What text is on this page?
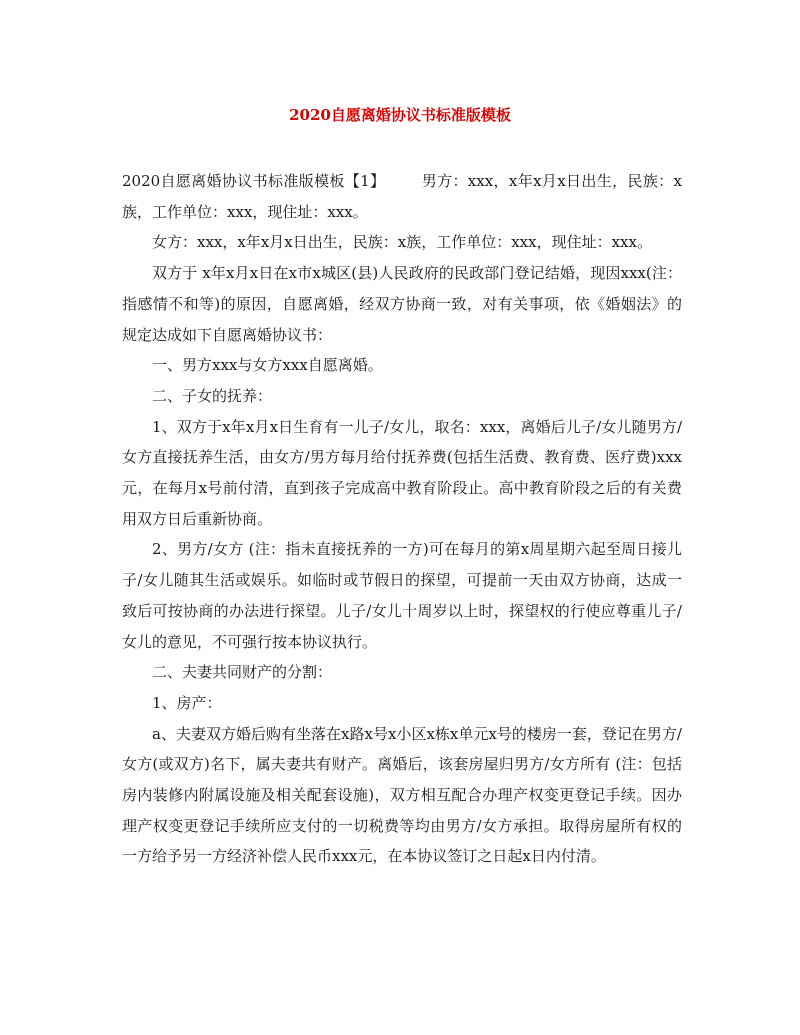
2020自愿离婚协议书标准版模板

2020自愿离婚协议书标准版模板【1】 男方：xxx，x年x月x日出生，民族：x族，工作单位：xxx，现住址：xxx。

女方：xxx，x年x月x日出生，民族：x族，工作单位：xxx，现住址：xxx。

双方于 x年x月x日在x市x城区(县)人民政府的民政部门登记结婚，现因xxx(注：指感情不和等)的原因，自愿离婚，经双方协商一致，对有关事项，依《婚姻法》的规定达成如下自愿离婚协议书：

一、男方xxx与女方xxx自愿离婚。

二、子女的抚养：

1、双方于x年x月x日生育有一儿子/女儿，取名：xxx，离婚后儿子/女儿随男方/女方直接抚养生活，由女方/男方每月给付抚养费(包括生活费、教育费、医疗费)xxx元，在每月x号前付清，直到孩子完成高中教育阶段止。高中教育阶段之后的有关费用双方日后重新协商。

2、男方/女方 (注：指未直接抚养的一方)可在每月的第x周星期六起至周日接儿子/女儿随其生活或娱乐。如临时或节假日的探望，可提前一天由双方协商，达成一致后可按协商的办法进行探望。儿子/女儿十周岁以上时，探望权的行使应尊重儿子/女儿的意见，不可强行按本协议执行。

二、夫妻共同财产的分割：

1、房产：

a、夫妻双方婚后购有坐落在x路x号x小区x栋x单元x号的楼房一套，登记在男方/女方(或双方)名下，属夫妻共有财产。离婚后，该套房屋归男方/女方所有 (注：包括房内装修内附属设施及相关配套设施)，双方相互配合办理产权变更登记手续。因办理产权变更登记手续所应支付的一切税费等均由男方/女方承担。取得房屋所有权的一方给予另一方经济补偿人民币xxx元，在本协议签订之日起x日内付清。
